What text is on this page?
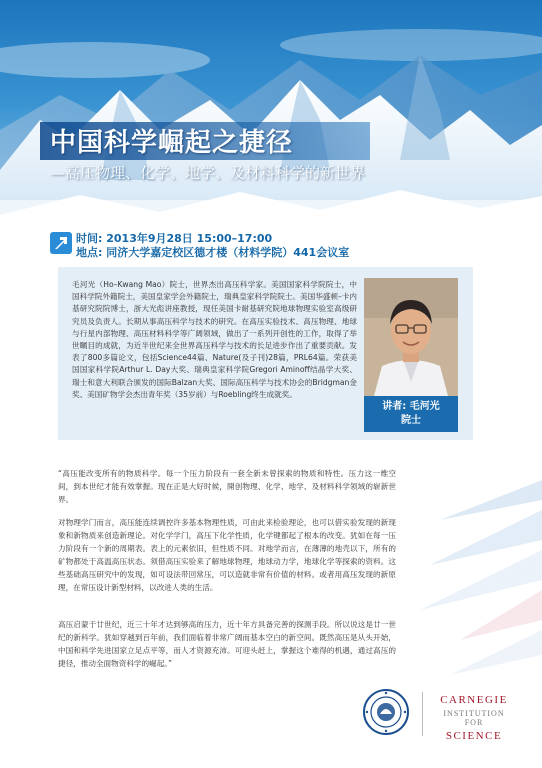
中国科学崛起之捷径
—高压物理、化学、地学、及材料科学的新世界
时间: 2013年9月28日 15:00–17:00
地点: 同济大学嘉定校区德才楼（材料学院）441会议室
毛河光（Ho–Kwang Mao）院士，世界杰出高压科学家。美国国家科学院院士，中国科学院外籍院士，美国皇家学会外籍院士，瑞典皇家科学院院士。美国华盛顿–卡内基研究院院博士，浙大光彪讲座教授，现任美国卡耐基研究院地球物理实验室高级研究员及负责人。长期从事高压科学与技术的研究。在高压实验技术、高压物理、地球与行星内部物理、高压材料科学等广阔领域，做出了一系列开创性的工作，取得了举世瞩目的成就，为近半世纪来全世界高压科学与技术的长足进步作出了重要贡献。发表了800多篇论文，包括Science44篇、Nature(及子刊)28篇，PRL64篇。荣获美国国家科学院Arthur L. Day大奖、瑞典皇家科学院Gregori Aminoff结晶学大奖、瑞士和意大利联合颁发的国际Balzan大奖、国际高压科学与技术协会的Bridgman金奖、美国矿物学会杰出青年奖（35岁前）与Roebling终生成就奖。
讲者: 毛河光
院士
“高压能改变所有的物质科学。每一个压力阶段有一套全新未曾探索的物质和特性。压力这一维空间，到本世纪才能有效掌握。现在正是大好时候，開创物理、化学、地学、及材料科学领域的崭新世界。
对物理学门而言，高压能连续调控许多基本物理性质，可由此来检验理论，也可以借实验发现的新现象和新物质来创造新理论。对化学学门，高压下化学性质，化学键都起了根本的改变。犹如在每一压力阶段有一个新的周期表。表上的元素依旧，但性质不同。对地学而言，在薄薄的地壳以下，所有的矿物都处于高温高压状态。须借高压实验来了解地球物理，地球动力学，地球化学等探索的资料。这些基础高压研究中的发现，如可设法带回常压，可以造就非常有价值的材料。或者用高压发现的新原理，在常压设计新型材料，以改进人类的生活。
高压启蒙于廿世纪，近三十年才达到够高的压力，近十年方具备完善的探测手段。所以说这是廿一世纪的新科学。犹如穿越到百年前，我们面临着非常广阔而基本空白的新空间。既然高压是从头开始，中国和科学先进国家立足点平等，而人才资源充沛。可迎头赶上，掌握这个难得的机遇，通过高压的捷径，推动全面物资科学的崛起。”
CARNEGIE
INSTITUTION FOR
SCIENCE
